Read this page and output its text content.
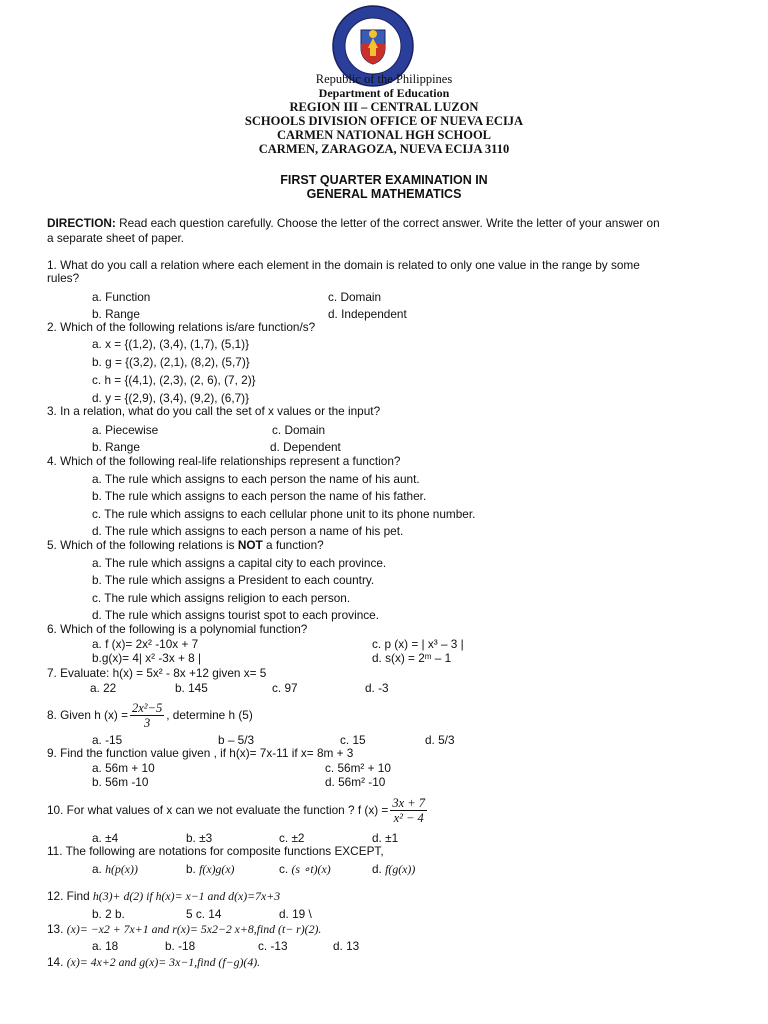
Republic of the Philippines
Department of Education
REGION III – CENTRAL LUZON
SCHOOLS DIVISION OFFICE OF NUEVA ECIJA
CARMEN NATIONAL HGH SCHOOL
CARMEN, ZARAGOZA, NUEVA ECIJA 3110
FIRST QUARTER EXAMINATION IN
GENERAL MATHEMATICS
DIRECTION: Read each question carefully. Choose the letter of the correct answer. Write the letter of your answer on
a separate sheet of paper.
1. What do you call a relation where each element in the domain is related to only one value in the range by some
rules?
a. Function	c. Domain
b. Range	d. Independent
2. Which of the following relations is/are function/s?
a. x = {(1,2), (3,4), (1,7), (5,1)}
b. g = {(3,2), (2,1), (8,2), (5,7)}
c. h = {(4,1), (2,3), (2, 6), (7, 2)}
d. y = {(2,9), (3,4), (9,2), (6,7)}
3. In a relation, what do you call the set of x values or the input?
a. Piecewise	c. Domain
b. Range	d. Dependent
4. Which of the following real-life relationships represent a function?
a. The rule which assigns to each person the name of his aunt.
b. The rule which assigns to each person the name of his father.
c. The rule which assigns to each cellular phone unit to its phone number.
d. The rule which assigns to each person a name of his pet.
5. Which of the following relations is NOT a function?
a. The rule which assigns a capital city to each province.
b. The rule which assigns a President to each country.
c. The rule which assigns religion to each person.
d. The rule which assigns tourist spot to each province.
6. Which of the following is a polynomial function?
a. f (x)= 2x² -10x + 7	c. p (x) = | x³ – 3 |
b.g(x)= 4| x² -3x + 8 |	d. s(x) = 2ᵐ – 1
7. Evaluate: h(x) = 5x² - 8x +12 given x= 5
a. 22	b. 145	c. 97	d. -3
8. Given h $(x) = \frac{\text{2x²−5}}{3}$ , determine h (5)
a. -15	b – 5/3	c. 15	d. 5/3
9. Find the function value given , if h(x)= 7x-11 if x= 8m + 3
a. 56m + 10	c. 56m² + 10
b. 56m -10	d. 56m² -10
10. For what values of x can we not evaluate the function ? f $(x) = \frac{3x + 7}{\text{x² − 4}}$
a. ±4	b. ±3	c. ±2	d. ±1
11. The following are notations for composite functions EXCEPT,
a. h(p(x))	b. f(x)g(x)	c. (s ∘t)(x)	d. f(g(x))
12. Find h(3)+ d(2) if h(x)= x−1 and d(x)=7x+3
b. 2 b.	5 c. 14	d. 19 \
13. (x)= −x2 + 7x+1 and r(x)= 5x2−2 x+8,find (t− r)(2).
a. 18	b. -18	c. -13	d. 13
14. (x)= 4x+2 and g(x)= 3x−1,find (f−g)(4).
